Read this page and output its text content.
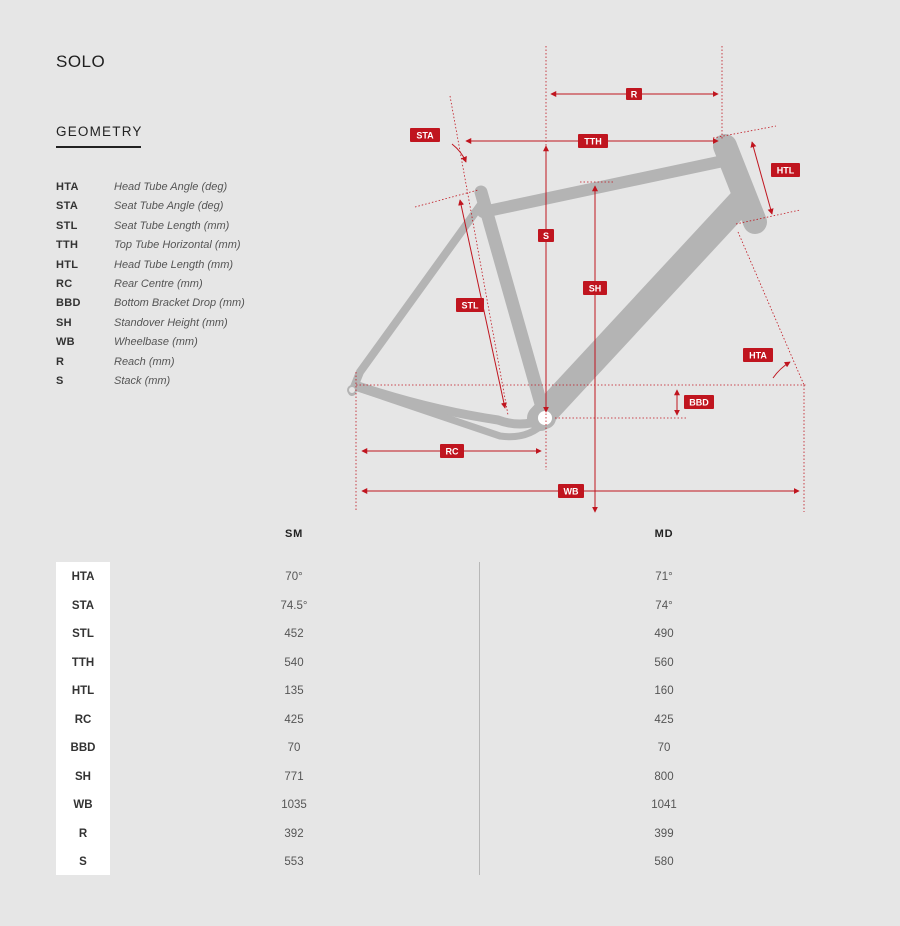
SOLO
GEOMETRY
HTA	Head Tube Angle (deg)
STA	Seat Tube Angle (deg)
STL	Seat Tube Length (mm)
TTH	Top Tube Horizontal (mm)
HTL	Head Tube Length (mm)
RC	Rear Centre (mm)
BBD	Bottom Bracket Drop (mm)
SH	Standover Height (mm)
WB	Wheelbase (mm)
R	Reach (mm)
S	Stack (mm)
R
STA
TTH
HTL
S
SH
STL
HTA
BBD
RC
WB
SM	MD
HTA	70°	71°
STA	74.5°	74°
STL	452	490
TTH	540	560
HTL	135	160
RC	425	425
BBD	70	70
SH	771	800
WB	1035	1041
R	392	399
S	553	580
